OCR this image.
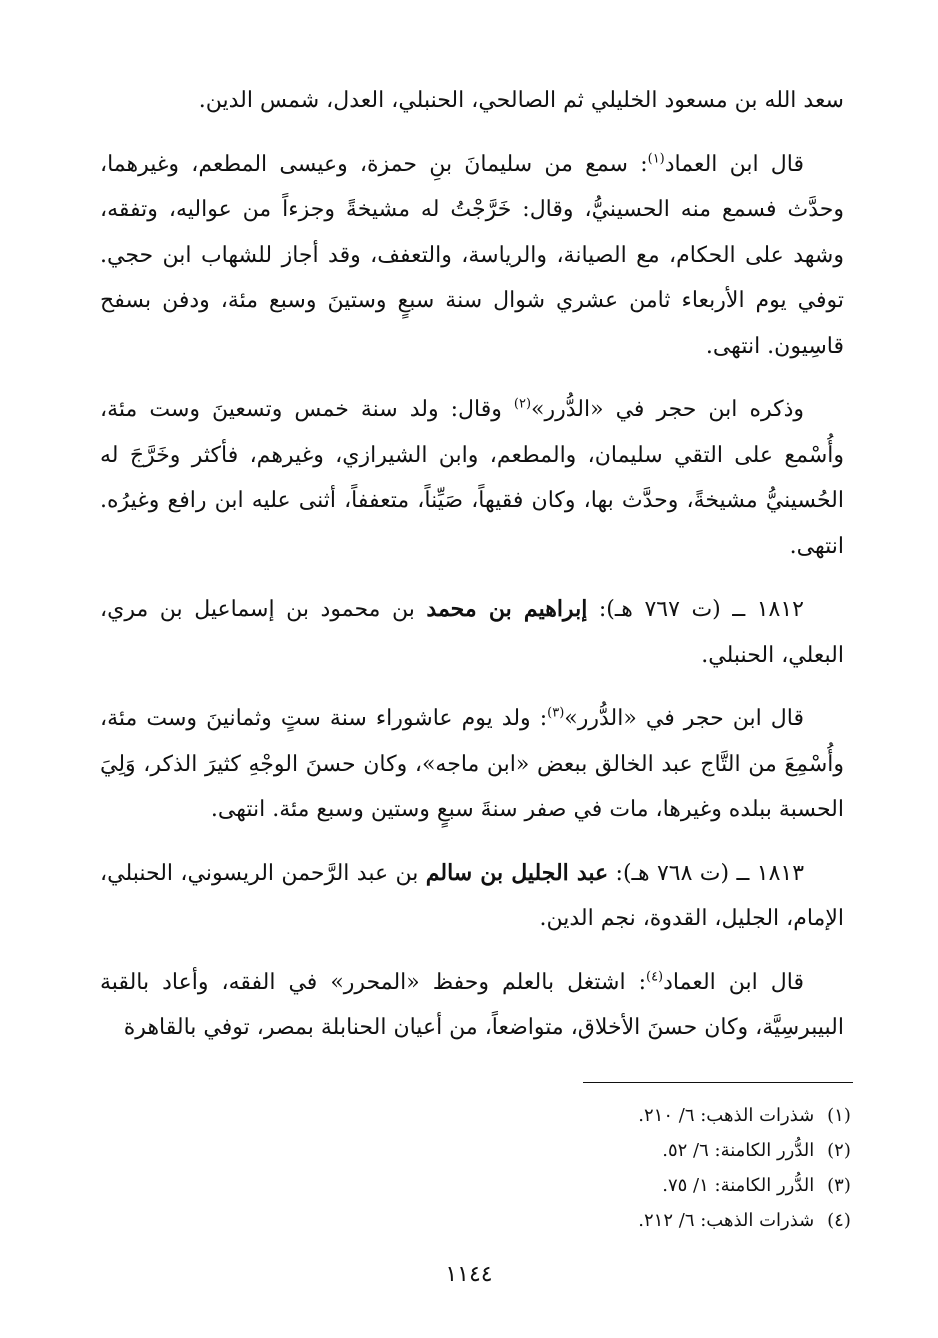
سعد الله بن مسعود الخليلي ثم الصالحي، الحنبلي، العدل، شمس الدين.

قال ابن العماد$^{(١)}$: سمع من سليمانَ بنِ حمزة، وعيسى المطعم، وغيرهما، وحدَّث فسمع منه الحسينيُّ، وقال: خَرَّجْتُ له مشيخةً وجزءاً من عواليه، وتفقه، وشهد على الحكام، مع الصيانة، والرياسة، والتعفف، وقد أجاز للشهاب ابن حجي. توفي يوم الأربعاء ثامن عشري شوال سنة سبعٍ وستينَ وسبع مئة، ودفن بسفح قاسِيون. انتهى.

وذكره ابن حجر في «الدُّرر»$^{(٢)}$ وقال: ولد سنة خمس وتسعينَ وست مئة، وأُسْمع على التقي سليمان، والمطعم، وابن الشيرازي، وغيرهم، فأكثر وخَرَّجَ له الحُسينيُّ مشيخةً، وحدَّث بها، وكان فقيهاً، صَيِّناً، متعففاً، أثنى عليه ابن رافع وغيرُه. انتهى.

١٨١٢ ــ (ت ٧٦٧ هـ): إبراهيم بن محمد بن محمود بن إسماعيل بن مري، البعلي، الحنبلي.

قال ابن حجر في «الدُّرر»$^{(٣)}$: ولد يوم عاشوراء سنة ستٍ وثمانينَ وست مئة، وأُسْمِعَ من التَّاج عبد الخالق ببعض «ابن ماجه»، وكان حسنَ الوجْهِ كثيرَ الذكر، وَلِيَ الحسبة ببلده وغيرها، مات في صفر سنةَ سبعٍ وستين وسبع مئة. انتهى.

١٨١٣ ــ (ت ٧٦٨ هـ): عبد الجليل بن سالم بن عبد الرَّحمن الريسوني، الحنبلي، الإمام، الجليل، القدوة، نجم الدين.

قال ابن العماد$^{(٤)}$: اشتغل بالعلم وحفظ «المحرر» في الفقه، وأعاد بالقبة البيبرسِيَّة، وكان حسنَ الأخلاق، متواضعاً، من أعيان الحنابلة بمصر، توفي بالقاهرة

(١) شذرات الذهب: ٦/ ٢١٠.
(٢) الدُّرر الكامنة: ٦/ ٥٢.
(٣) الدُّرر الكامنة: ١/ ٧٥.
(٤) شذرات الذهب: ٦/ ٢١٢.
١١٤٤
